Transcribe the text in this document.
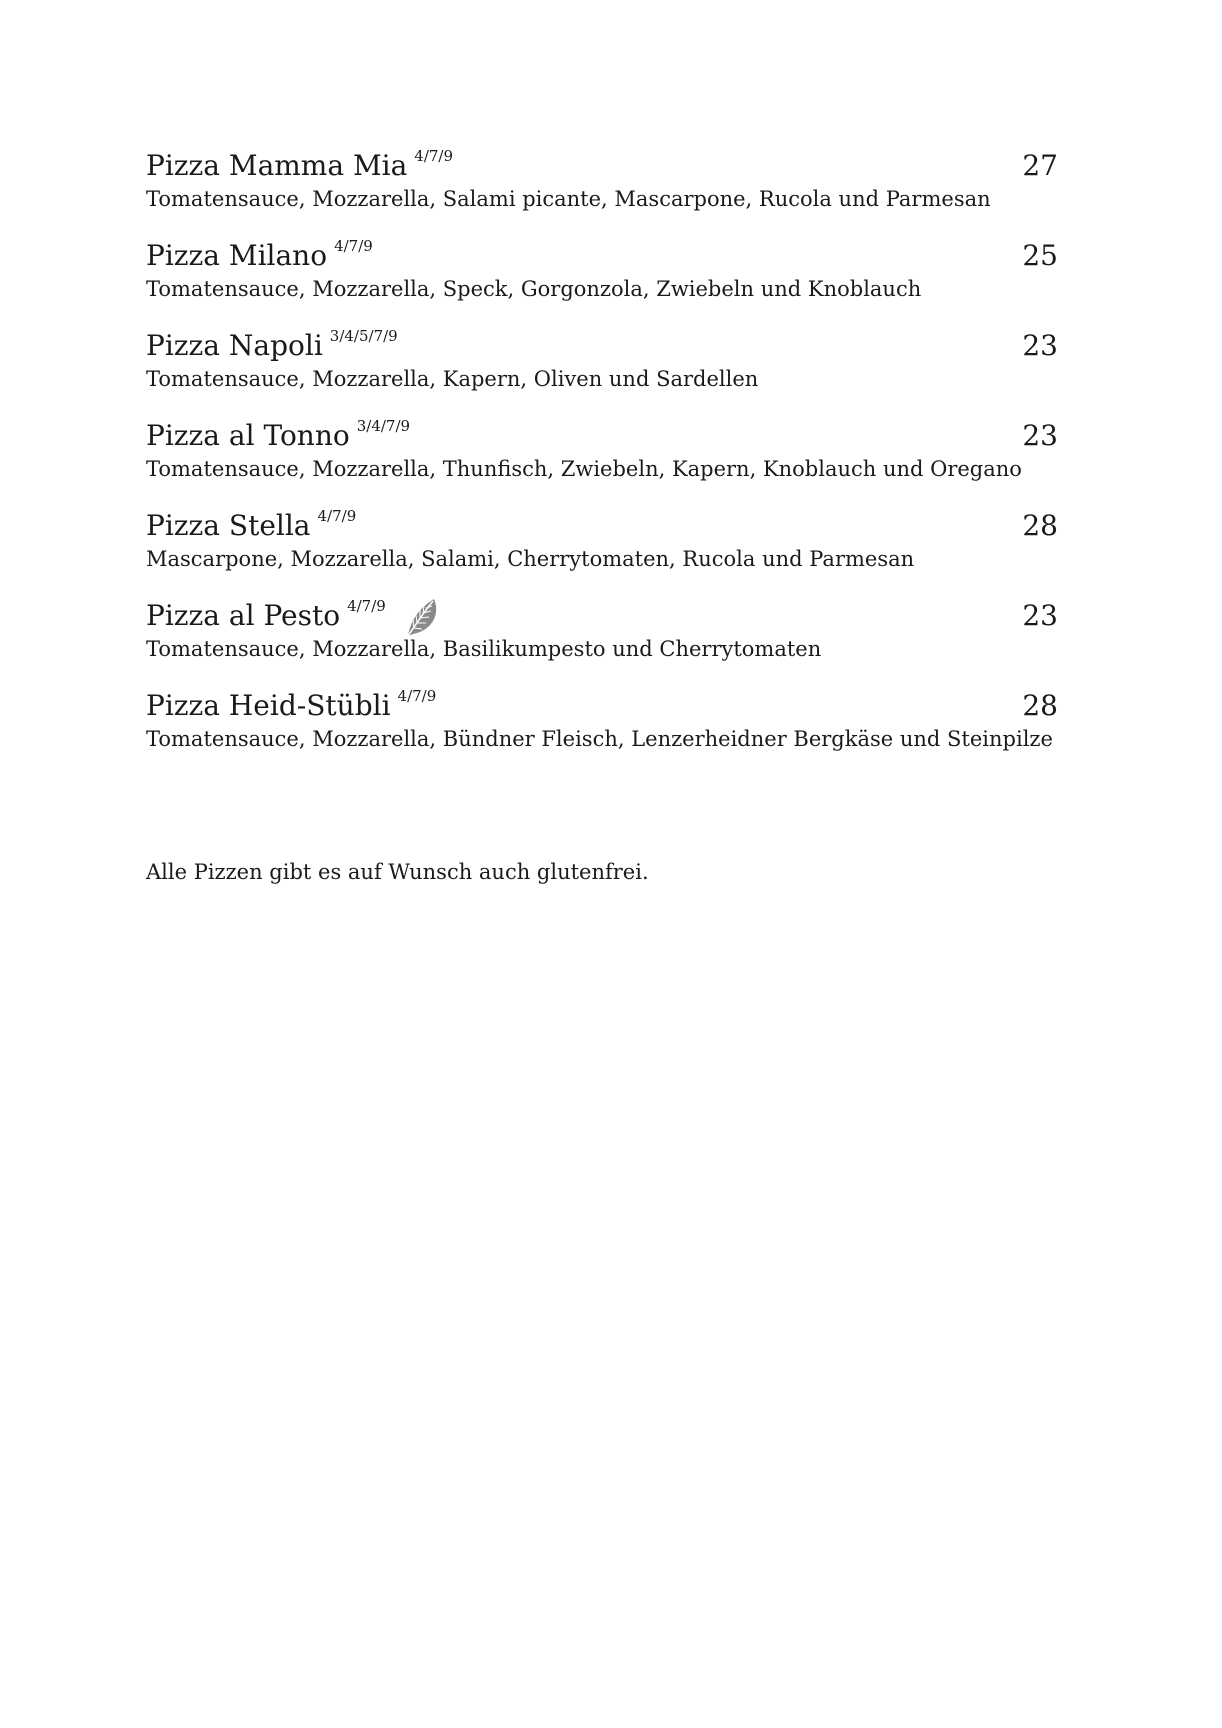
Pizza Mamma Mia 4/7/9	27
Tomatensauce, Mozzarella, Salami picante, Mascarpone, Rucola und Parmesan
Pizza Milano 4/7/9	25
Tomatensauce, Mozzarella, Speck, Gorgonzola, Zwiebeln und Knoblauch
Pizza Napoli 3/4/5/7/9	23
Tomatensauce, Mozzarella, Kapern, Oliven und Sardellen
Pizza al Tonno 3/4/7/9	23
Tomatensauce, Mozzarella, Thunfisch, Zwiebeln, Kapern, Knoblauch und Oregano
Pizza Stella 4/7/9	28
Mascarpone, Mozzarella, Salami, Cherrytomaten, Rucola und Parmesan
Pizza al Pesto 4/7/9	23
Tomatensauce, Mozzarella, Basilikumpesto und Cherrytomaten
Pizza Heid-Stübli 4/7/9	28
Tomatensauce, Mozzarella, Bündner Fleisch, Lenzerheidner Bergkäse und Steinpilze
Alle Pizzen gibt es auf Wunsch auch glutenfrei.
